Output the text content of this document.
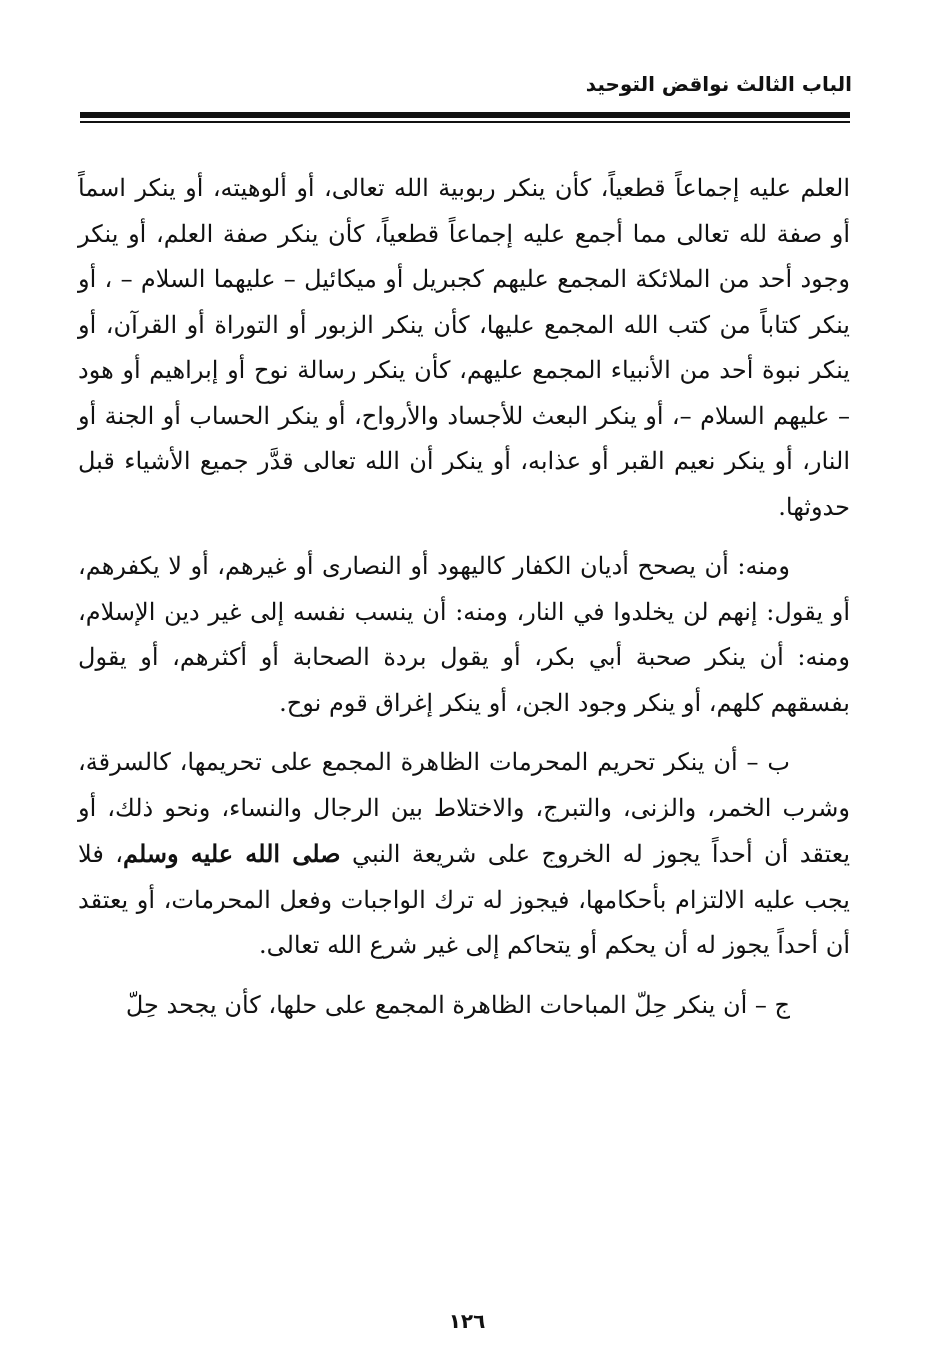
الباب الثالث نواقض التوحيد

العلم عليه إجماعاً قطعياً، كأن ينكر ربوبية الله تعالى، أو ألوهيته، أو ينكر اسماً أو صفة لله تعالى مما أجمع عليه إجماعاً قطعياً، كأن ينكر صفة العلم، أو ينكر وجود أحد من الملائكة المجمع عليهم كجبريل أو ميكائيل – عليهما السلام – ، أو ينكر كتاباً من كتب الله المجمع عليها، كأن ينكر الزبور أو التوراة أو القرآن، أو ينكر نبوة أحد من الأنبياء المجمع عليهم، كأن ينكر رسالة نوح أو إبراهيم أو هود – عليهم السلام –، أو ينكر البعث للأجساد والأرواح، أو ينكر الحساب أو الجنة أو النار، أو ينكر نعيم القبر أو عذابه، أو ينكر أن الله تعالى قدَّر جميع الأشياء قبل حدوثها.

ومنه: أن يصحح أديان الكفار كاليهود أو النصارى أو غيرهم، أو لا يكفرهم، أو يقول: إنهم لن يخلدوا في النار، ومنه: أن ينسب نفسه إلى غير دين الإسلام، ومنه: أن ينكر صحبة أبي بكر، أو يقول بردة الصحابة أو أكثرهم، أو يقول بفسقهم كلهم، أو ينكر وجود الجن، أو ينكر إغراق قوم نوح.

ب – أن ينكر تحريم المحرمات الظاهرة المجمع على تحريمها، كالسرقة، وشرب الخمر، والزنى، والتبرج، والاختلاط بين الرجال والنساء، ونحو ذلك، أو يعتقد أن أحداً يجوز له الخروج على شريعة النبي صلى الله عليه وسلم، فلا يجب عليه الالتزام بأحكامها، فيجوز له ترك الواجبات وفعل المحرمات، أو يعتقد أن أحداً يجوز له أن يحكم أو يتحاكم إلى غير شرع الله تعالى.

ج – أن ينكر حِلّ المباحات الظاهرة المجمع على حلها، كأن يجحد حِلّ

١٢٦
